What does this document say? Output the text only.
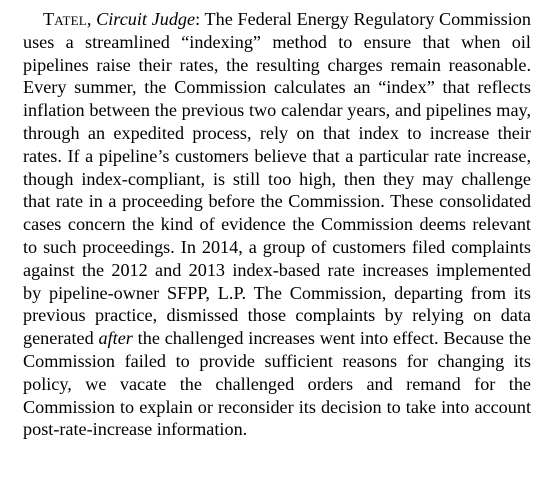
Tatel, Circuit Judge: The Federal Energy Regulatory Commission uses a streamlined “indexing” method to ensure that when oil pipelines raise their rates, the resulting charges remain reasonable. Every summer, the Commission calculates an “index” that reflects inflation between the previous two calendar years, and pipelines may, through an expedited process, rely on that index to increase their rates. If a pipeline’s customers believe that a particular rate increase, though index-compliant, is still too high, then they may challenge that rate in a proceeding before the Commission. These consolidated cases concern the kind of evidence the Commission deems relevant to such proceedings. In 2014, a group of customers filed complaints against the 2012 and 2013 index-based rate increases implemented by pipeline-owner SFPP, L.P. The Commission, departing from its previous practice, dismissed those complaints by relying on data generated after the challenged increases went into effect. Because the Commission failed to provide sufficient reasons for changing its policy, we vacate the challenged orders and remand for the Commission to explain or reconsider its decision to take into account post-rate-increase information.
